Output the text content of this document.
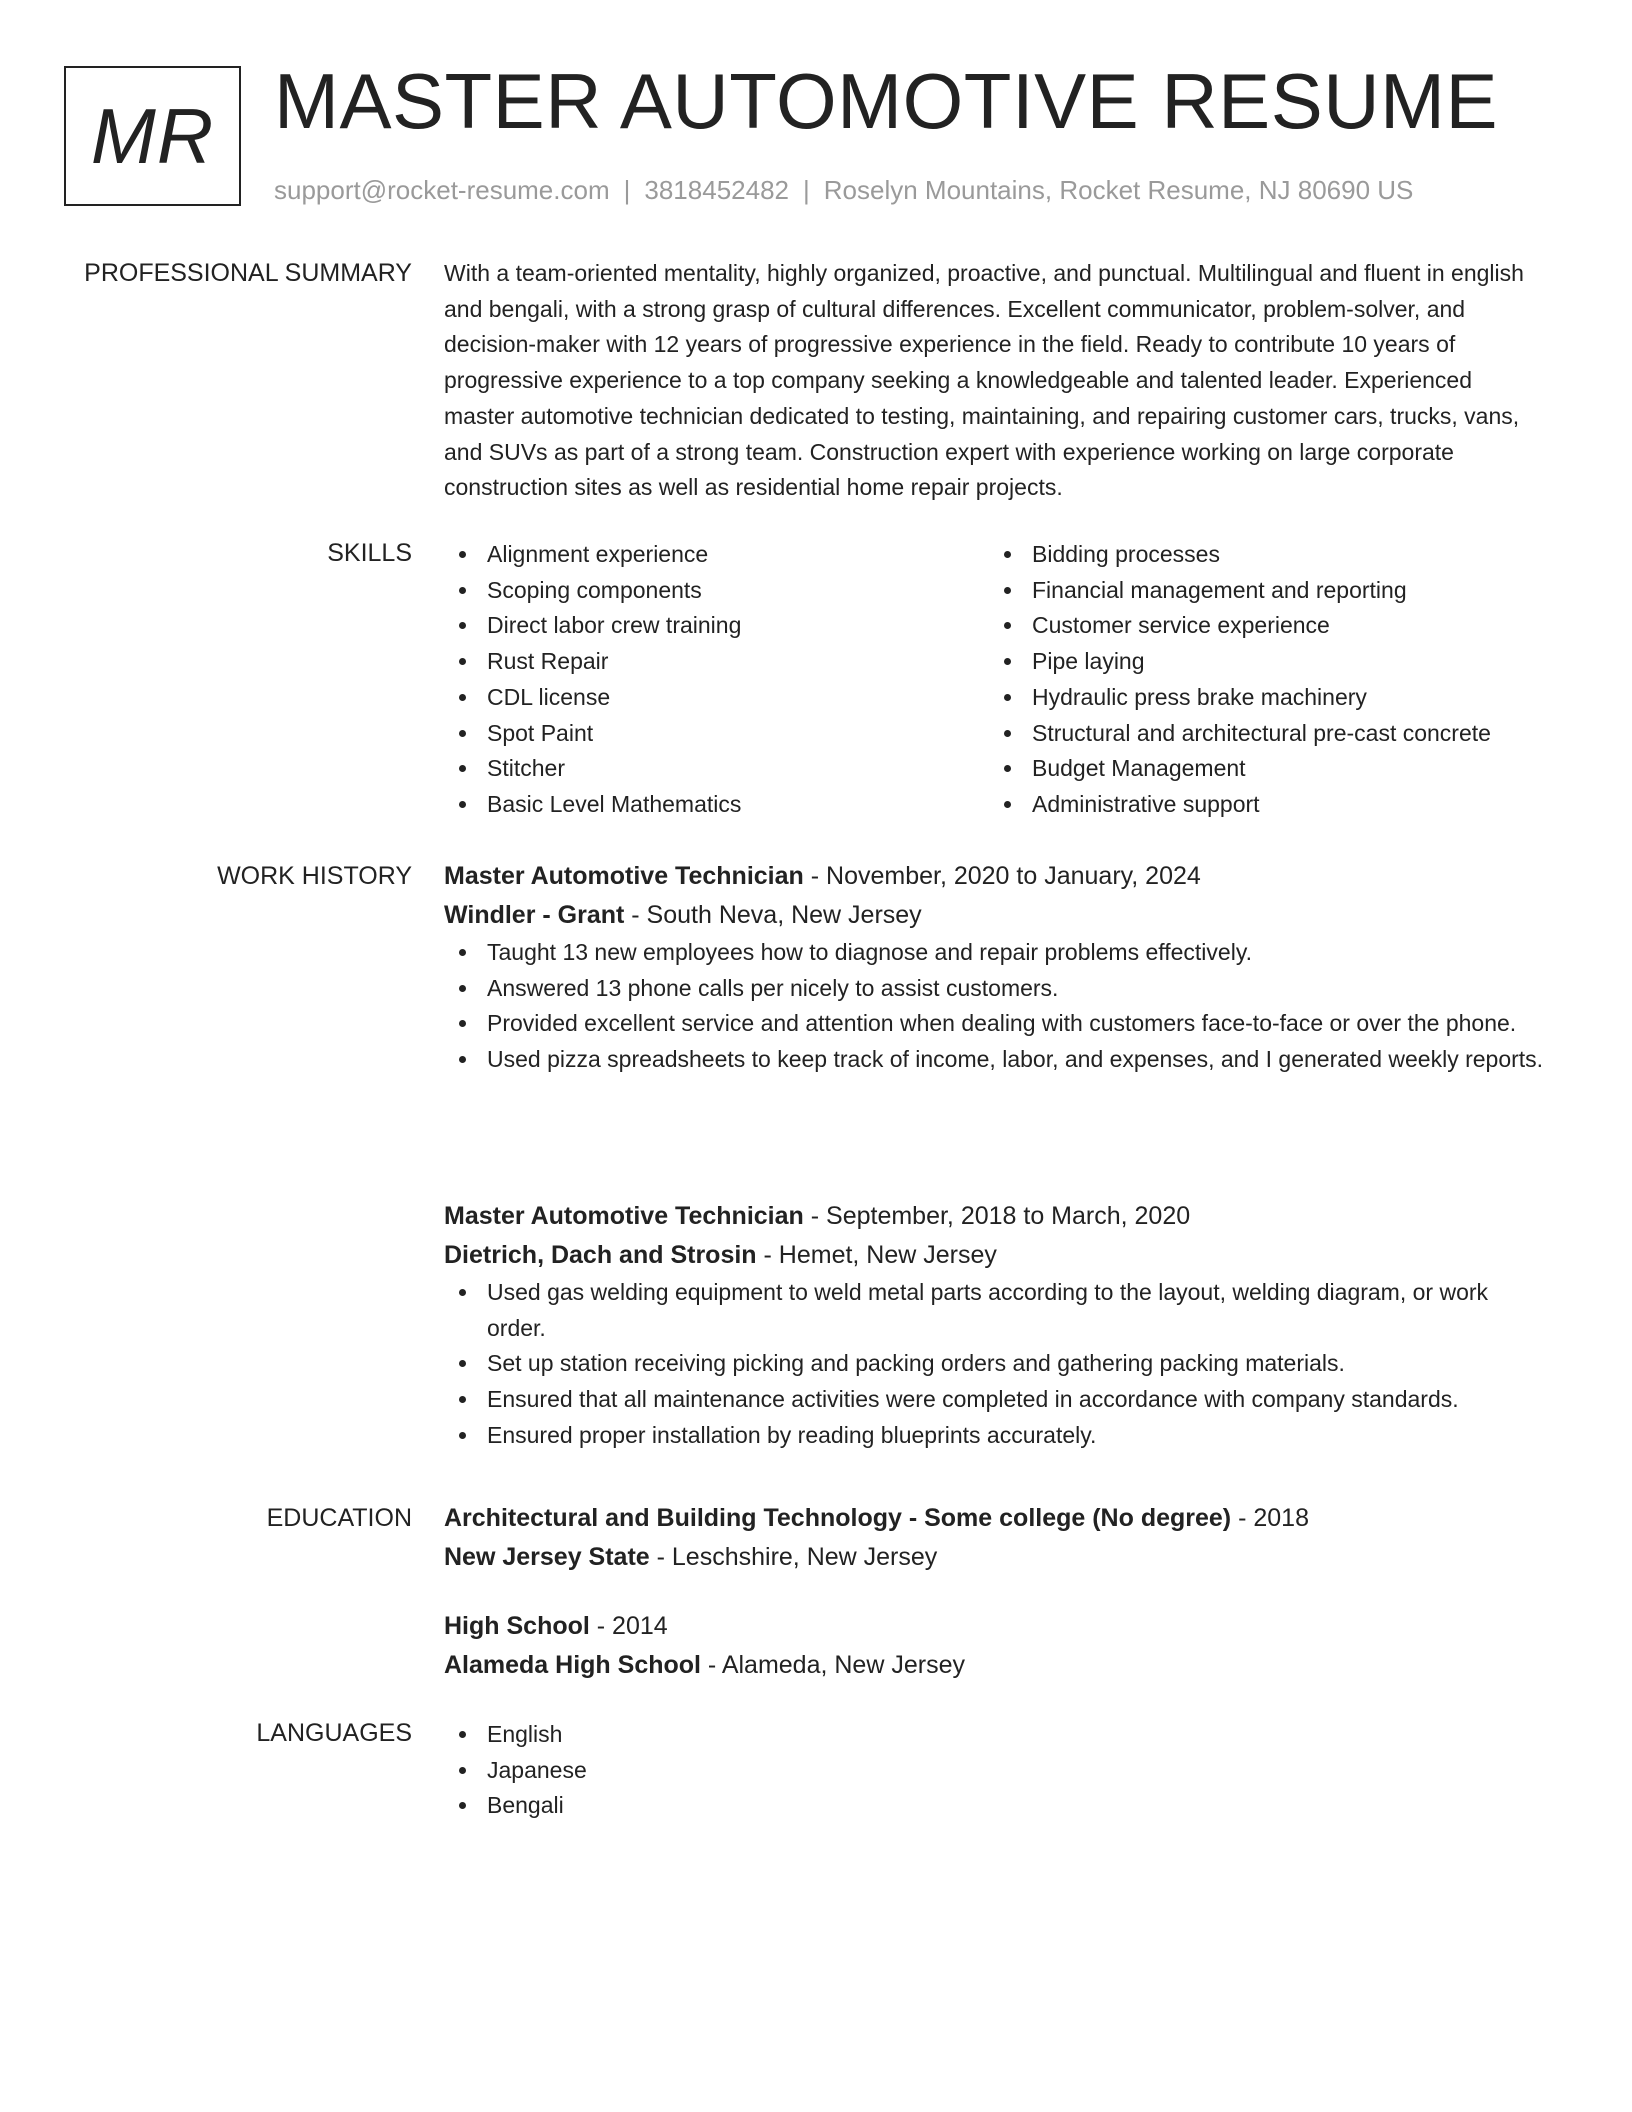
MR MASTER AUTOMOTIVE RESUME
support@rocket-resume.com | 3818452482 | Roselyn Mountains, Rocket Resume, NJ 80690 US
PROFESSIONAL SUMMARY With a team-oriented mentality, highly organized, proactive, and punctual. Multilingual and fluent in english and bengali, with a strong grasp of cultural differences. Excellent communicator, problem-solver, and decision-maker with 12 years of progressive experience in the field. Ready to contribute 10 years of progressive experience to a top company seeking a knowledgeable and talented leader. Experienced master automotive technician dedicated to testing, maintaining, and repairing customer cars, trucks, vans, and SUVs as part of a strong team. Construction expert with experience working on large corporate construction sites as well as residential home repair projects.

SKILLS	Alignment experience
Scoping components
Direct labor crew training
Rust Repair
CDL license
Spot Paint
Stitcher
Basic Level Mathematics
Bidding processes
Financial management and reporting
Customer service experience
Pipe laying
Hydraulic press brake machinery
Structural and architectural pre-cast concrete
Budget Management
Administrative support
WORK HISTORY Master Automotive Technician - November, 2020 to January, 2024
Windler - Grant - South Neva, New Jersey
Taught 13 new employees how to diagnose and repair problems effectively.
Answered 13 phone calls per nicely to assist customers.
Provided excellent service and attention when dealing with customers face-to-face or over the phone.
Used pizza spreadsheets to keep track of income, labor, and expenses, and I generated weekly reports.
Master Automotive Technician - September, 2018 to March, 2020
Dietrich, Dach and Strosin - Hemet, New Jersey
Used gas welding equipment to weld metal parts according to the layout, welding diagram, or work order.
Set up station receiving picking and packing orders and gathering packing materials.
Ensured that all maintenance activities were completed in accordance with company standards.
Ensured proper installation by reading blueprints accurately.
EDUCATION Architectural and Building Technology - Some college (No degree) - 2018
New Jersey State - Leschshire, New Jersey
High School - 2014
Alameda High School - Alameda, New Jersey
LANGUAGES	English
Japanese
Bengali
